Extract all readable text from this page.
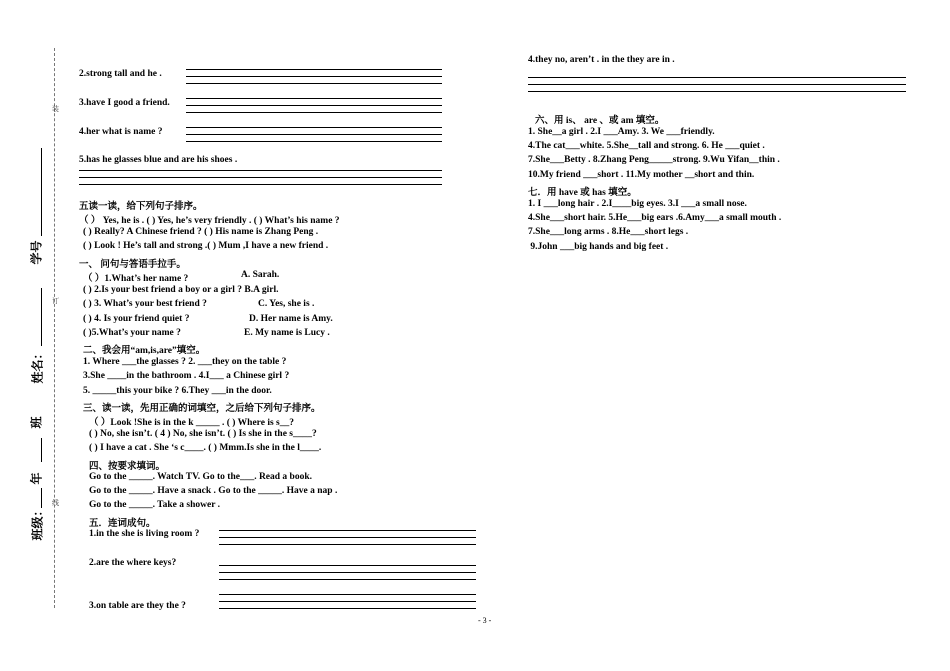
装
订
线
学号
姓名：
班
年
班级：
2.strong tall and he .
3.have I good a friend.
4.her what is name ?
5.has he glasses blue and are his shoes .
五读一读，给下列句子排序。
（ ） Yes, he is . ( ) Yes, he’s very friendly . ( ) What’s his name ?
( ) Really? A Chinese friend ? ( ) His name is Zhang Peng .
( ) Look ! He’s tall and strong .( ) Mum ,I have a new friend .
一、 问句与答语手拉手。
（ ）1.What’s her name ?	A. Sarah.
( ) 2.Is your best friend a boy or a girl ? B.A girl.
( ) 3. What’s your best friend ?	C. Yes, she is .
( ) 4. Is your friend quiet ?	D. Her name is Amy.
( )5.What’s your name ?	E. My name is Lucy .
二、我会用“am,is,are”填空。
1. Where ___the glasses ? 2. ___they on the table ?
3.She ____in the bathroom . 4.I___ a Chinese girl ?
5. _____this your bike ? 6.They ___in the door.
三、读一读，先用正确的词填空，之后给下列句子排序。
（ ）Look !She is in the k _____ . ( ) Where is s__?
( ) No, she isn’t. ( 4 ) No, she isn’t. ( ) Is she in the s____?
( ) I have a cat . She ‘s c____. ( ) Mmm.Is she in the l____.
四、按要求填词。
Go to the _____. Watch TV. Go to the___. Read a book.
Go to the _____. Have a snack . Go to the _____. Have a nap .
Go to the _____. Take a shower .
五．连词成句。
1.in the she is living room ?
2.are the where keys?
3.on table are they the ?
4.they no, aren’t . in the they are in .
六、用 is、 are 、或 am 填空。
1. She__a girl . 2.I ___Amy. 3. We ___friendly.
4.The cat___white. 5.She__tall and strong. 6. He ___quiet .
7.She___Betty . 8.Zhang Peng_____strong. 9.Wu Yifan__thin .
10.My friend ___short . 11.My mother __short and thin.
七．用 have 或 has 填空。
1. I ___long hair . 2.I____big eyes. 3.I ___a small nose.
4.She___short hair. 5.He___big ears .6.Amy___a small mouth .
7.She___long arms . 8.He___short legs .
9.John ___big hands and big feet .
- 3 -
